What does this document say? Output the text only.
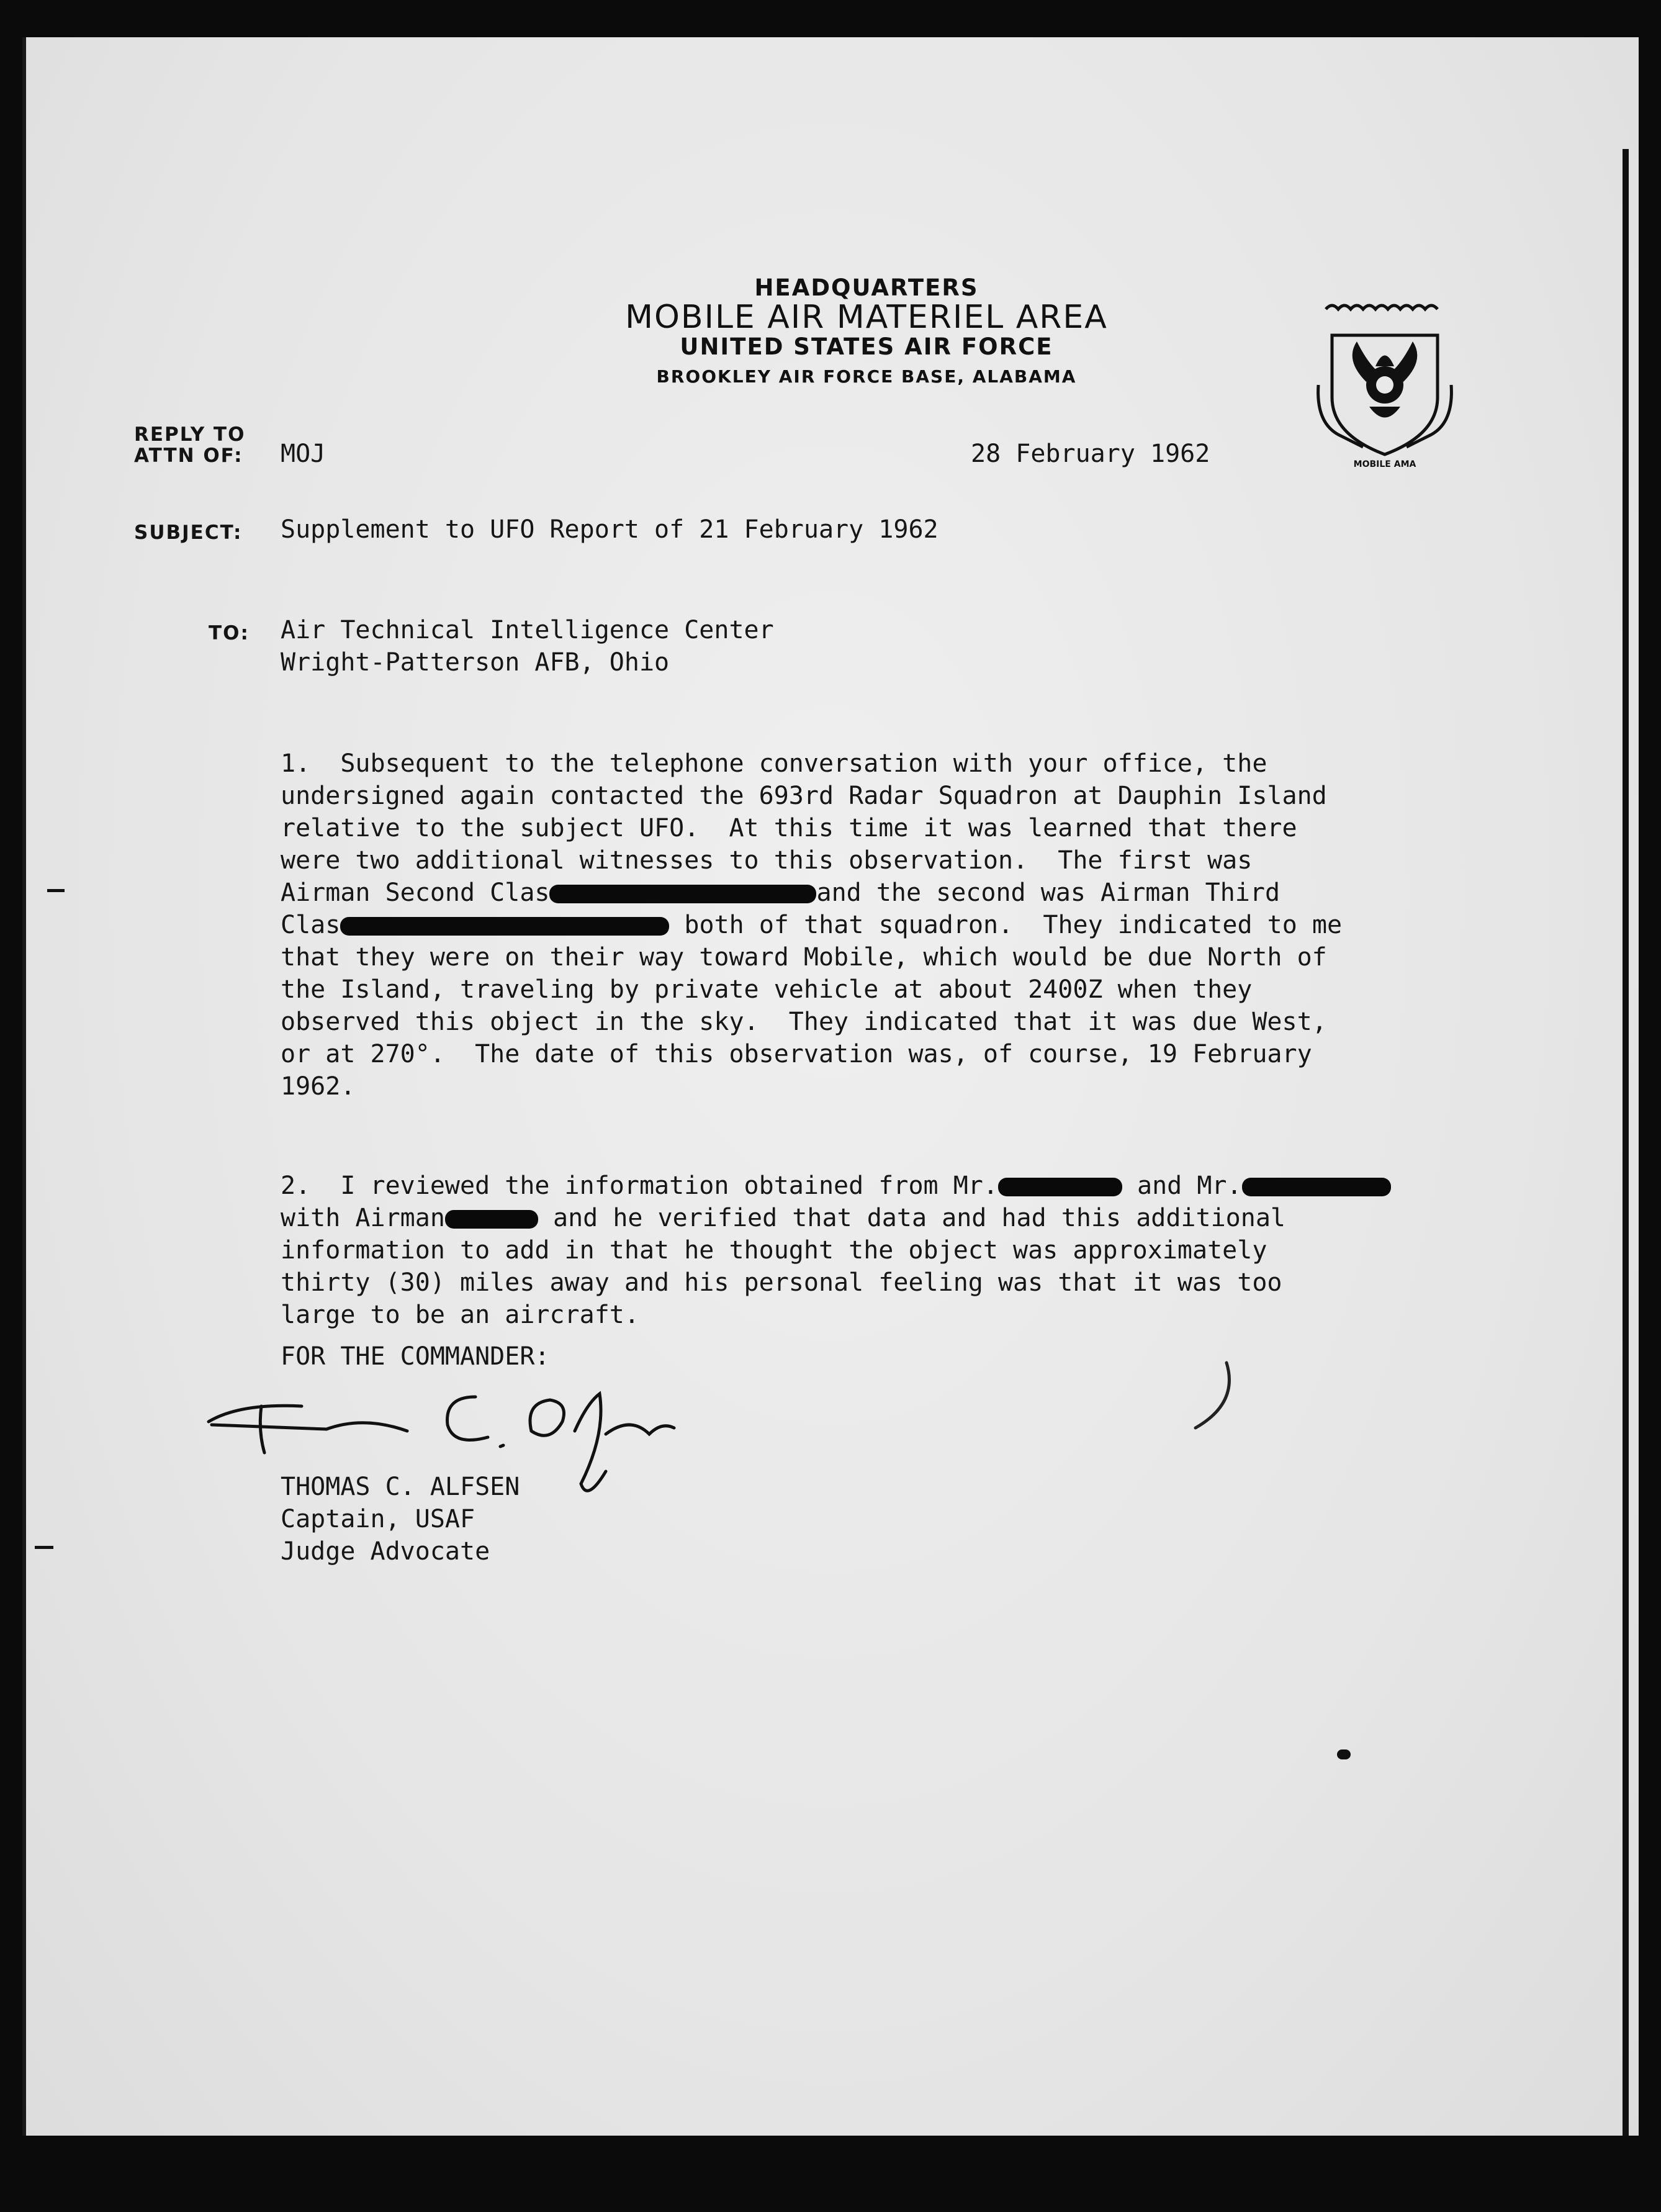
HEADQUARTERS
MOBILE AIR MATERIEL AREA
UNITED STATES AIR FORCE
BROOKLEY AIR FORCE BASE, ALABAMA
MOBILE AMA
REPLY TO
ATTN OF: MOJ	28 February 1962
SUBJECT: Supplement to UFO Report of 21 February 1962
TO: Air Technical Intelligence Center
Wright-Patterson AFB, Ohio

1.  Subsequent to the telephone conversation with your office, the
undersigned again contacted the 693rd Radar Squadron at Dauphin Island
relative to the subject UFO.  At this time it was learned that there
were two additional witnesses to this observation.  The first was
Airman Second Clas	and the second was Airman Third
Clas	both of that squadron.  They indicated to me
that they were on their way toward Mobile, which would be due North of
the Island, traveling by private vehicle at about 2400Z when they
observed this object in the sky.  They indicated that it was due West,
or at 270°.  The date of this observation was, of course, 19 February
1962.

2.  I reviewed the information obtained from Mr.	and Mr.
with Airman	and he verified that data and had this additional
information to add in that he thought the object was approximately
thirty (30) miles away and his personal feeling was that it was too
large to be an aircraft.

FOR THE COMMANDER:
THOMAS C. ALFSEN
Captain, USAF
Judge Advocate
